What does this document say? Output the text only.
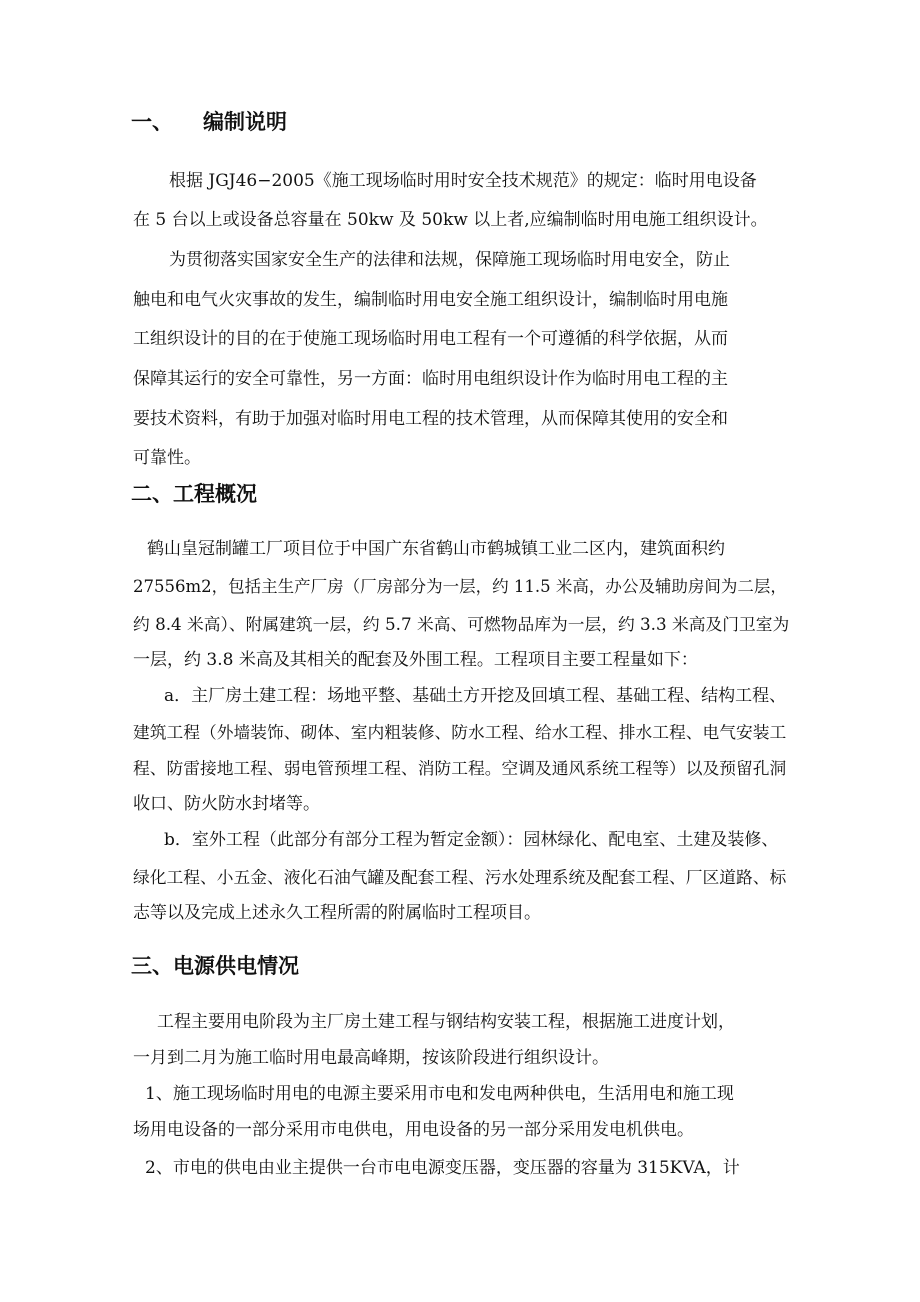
一、 编制说明

根据 JGJ46−2005《施工现场临时用时安全技术规范》的规定：临时用电设备

在 5 台以上或设备总容量在 50kw 及 50kw 以上者,应编制临时用电施工组织设计。

为贯彻落实国家安全生产的法律和法规，保障施工现场临时用电安全，防止

触电和电气火灾事故的发生，编制临时用电安全施工组织设计，编制临时用电施

工组织设计的目的在于使施工现场临时用电工程有一个可遵循的科学依据，从而

保障其运行的安全可靠性，另一方面：临时用电组织设计作为临时用电工程的主

要技术资料，有助于加强对临时用电工程的技术管理，从而保障其使用的安全和

可靠性。

二、工程概况

鹤山皇冠制罐工厂项目位于中国广东省鹤山市鹤城镇工业二区内，建筑面积约

27556m2，包括主生产厂房（厂房部分为一层，约 11.5 米高，办公及辅助房间为二层，

约 8.4 米高）、附属建筑一层，约 5.7 米高、可燃物品库为一层，约 3.3 米高及门卫室为

一层，约 3.8 米高及其相关的配套及外围工程。工程项目主要工程量如下：

a．主厂房土建工程：场地平整、基础土方开挖及回填工程、基础工程、结构工程、

建筑工程（外墙装饰、砌体、室内粗装修、防水工程、给水工程、排水工程、电气安装工

程、防雷接地工程、弱电管预埋工程、消防工程。空调及通风系统工程等）以及预留孔洞

收口、防火防水封堵等。

b．室外工程（此部分有部分工程为暂定金额）：园林绿化、配电室、土建及装修、

绿化工程、小五金、液化石油气罐及配套工程、污水处理系统及配套工程、厂区道路、标

志等以及完成上述永久工程所需的附属临时工程项目。

三、电源供电情况

工程主要用电阶段为主厂房土建工程与钢结构安装工程，根据施工进度计划，

一月到二月为施工临时用电最高峰期，按该阶段进行组织设计。

1、施工现场临时用电的电源主要采用市电和发电两种供电，生活用电和施工现

场用电设备的一部分采用市电供电，用电设备的另一部分采用发电机供电。

2、市电的供电由业主提供一台市电电源变压器，变压器的容量为 315KVA，计
